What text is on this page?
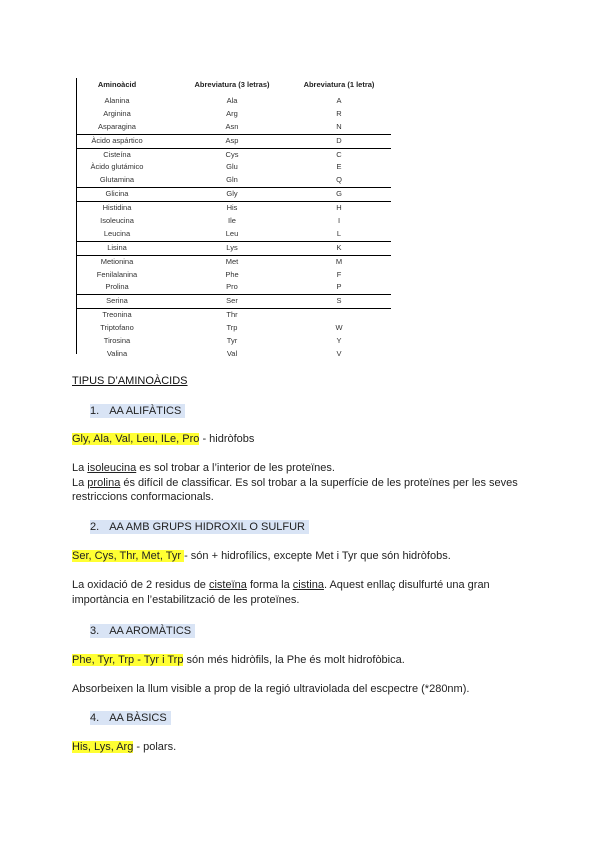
Aminoàcid	Abreviatura (3 letras)	Abreviatura (1 letra)
Alanina	Ala	A
Arginina	Arg	R
Asparagina	Asn	N
Àcido aspártico	Asp	D
Cisteína	Cys	C
Àcido glutámico	Glu	E
Glutamina	Gln	Q
Glicina	Gly	G
Histidina	His	H
Isoleucina	Ile	I
Leucina	Leu	L
Lisina	Lys	K
Metionina	Met	M
Fenilalanina	Phe	F
Prolina	Pro	P
Serina	Ser	S
Treonina	Thr
Triptofano	Trp	W
Tirosina	Tyr	Y
Valina	Val	V
TIPUS D’AMINOÀCIDS
1. AA ALIFÀTICS
Gly, Ala, Val, Leu, ILe, Pro - hidròfobs
La isoleucina es sol trobar a l’interior de les proteïnes.
La prolina és difícil de classificar. Es sol trobar a la superfície de les proteïnes per les seves
restriccions conformacionals.
2. AA AMB GRUPS HIDROXIL O SULFUR
Ser, Cys, Thr, Met, Tyr - són + hidrofílics, excepte Met i Tyr que són hidròfobs.
La oxidació de 2 residus de cisteïna forma la cistina. Aquest enllaç disulfurté una gran
importància en l’estabilització de les proteïnes.
3. AA AROMÀTICS
Phe, Tyr, Trp - Tyr i Trp són més hidròfils, la Phe és molt hidrofòbica.
Absorbeixen la llum visible a prop de la regió ultraviolada del escpectre (*280nm).
4. AA BÀSICS
His, Lys, Arg - polars.
